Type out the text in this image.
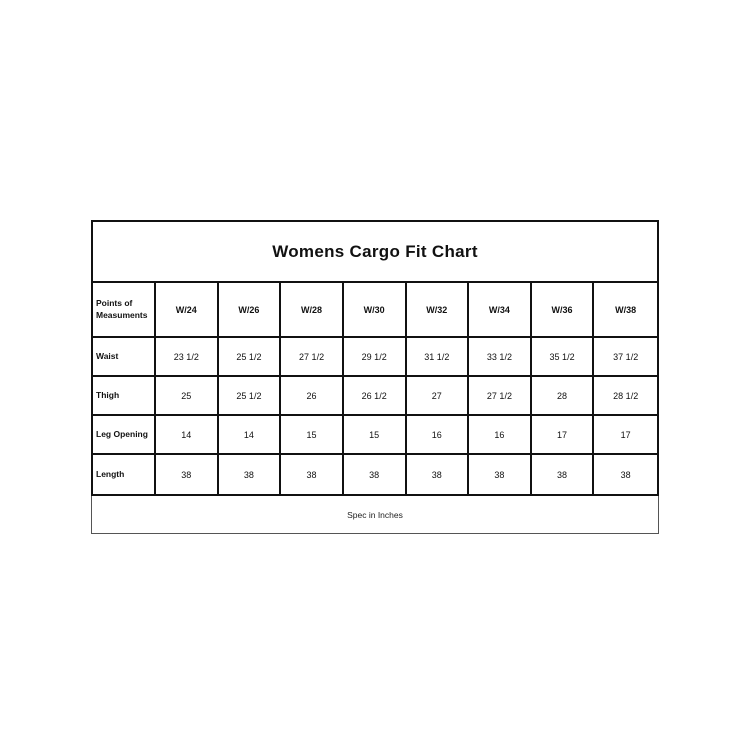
Womens Cargo Fit Chart
Points of Measuments	W/24	W/26	W/28	W/30	W/32	W/34	W/36	W/38
Waist	23 1/2	25 1/2	27 1/2	29 1/2	31 1/2	33 1/2	35 1/2	37 1/2
Thigh	25	25 1/2	26	26 1/2	27	27 1/2	28	28 1/2
Leg Opening	14	14	15	15	16	16	17	17
Length	38	38	38	38	38	38	38	38
Spec in Inches
